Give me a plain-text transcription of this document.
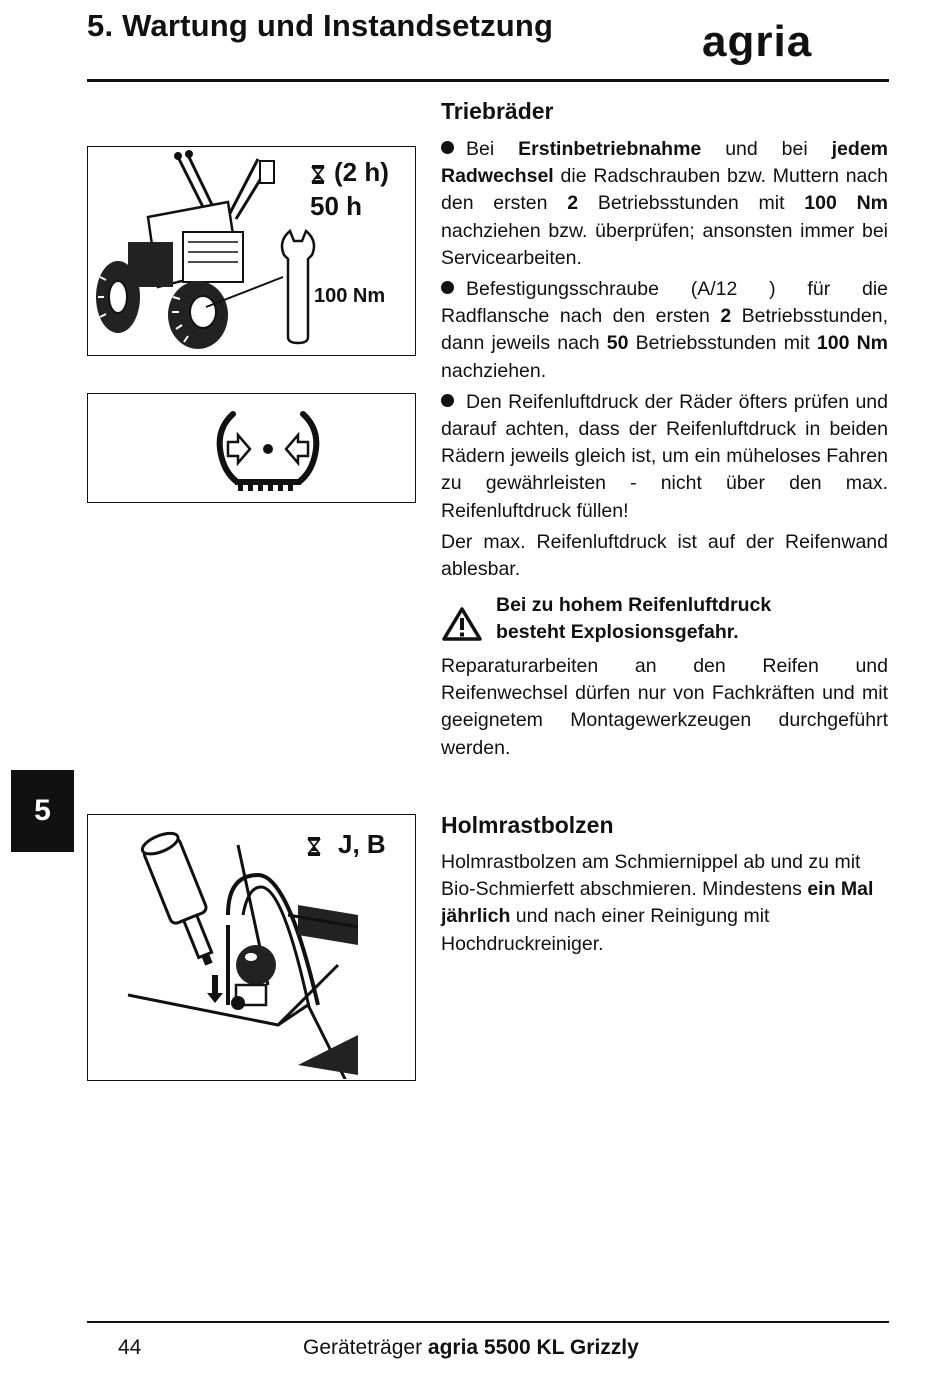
5. Wartung und Instandsetzung	agria
5
(2 h)
50 h
100 Nm
Triebräder

Bei Erstinbetriebnahme und bei jedem Radwechsel die Radschrauben bzw. Muttern nach den ersten 2 Betriebsstunden mit 100 Nm nachziehen bzw. überprüfen; ansonsten immer bei Servicearbeiten.

Befestigungsschraube (A/12 ) für die Radflansche nach den ersten 2 Betriebsstunden, dann jeweils nach 50 Betriebsstunden mit 100 Nm nachziehen.

Den Reifenluftdruck der Räder öfters prüfen und darauf achten, dass der Reifenluftdruck in beiden Rädern jeweils gleich ist, um ein müheloses Fahren zu gewährleisten - nicht über den max. Reifenluftdruck füllen!

Der max. Reifenluftdruck ist auf der Reifenwand ablesbar.

Bei zu hohem Reifenluftdruck
besteht Explosionsgefahr.

Reparaturarbeiten an den Reifen und Reifenwechsel dürfen nur von Fachkräften und mit geeignetem Montagewerkzeugen durchgeführt werden.

J, B
Holmrastbolzen

Holmrastbolzen am Schmiernippel ab und zu mit Bio-Schmierfett abschmieren. Mindestens ein Mal jährlich und nach einer Reinigung mit Hochdruckreiniger.

44	Geräteträger agria 5500 KL Grizzly
